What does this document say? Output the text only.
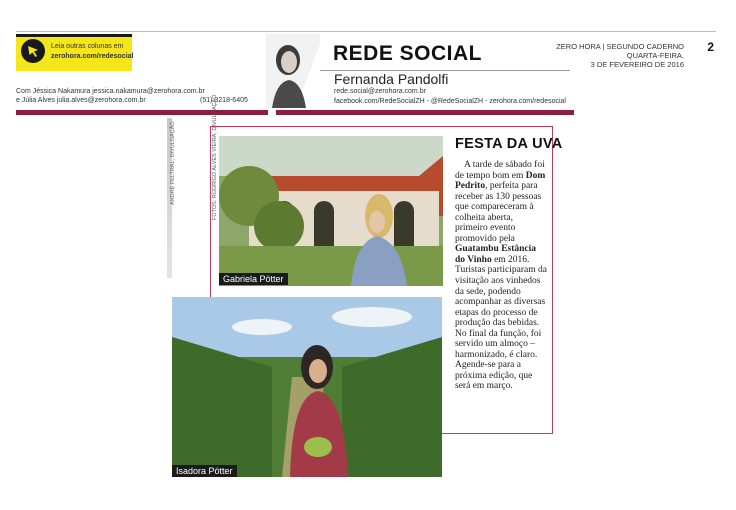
Leia outras colunas em
zerohora.com/redesocial	REDE SOCIAL
Fernanda Pandolfi
rede.social@zerohora.com.br
facebook.com/RedeSocialZH - @RedeSocialZH - zerohora.com/redesocial
ZERO HORA | SEGUNDO CADERNO
QUARTA-FEIRA,
3 DE FEVEREIRO DE 2016
2
Com Jéssica Nakamura jessica.nakamura@zerohora.com.br
e Júlia Alves julia.alves@zerohora.com.br	(51) 3218-6405
ANDRÉ FELTRAL, DIVULGAÇÃO	FOTOS: RODRIGO ALVES VIEIRA, DIVULGAÇÃO
Gabriela Pötter
Isadora Pötter
FESTA DA UVA
A tarde de sábado foi de tempo bom em Dom Pedrito, perfeita para receber as 130 pessoas que compareceram à colheita aberta, primeiro evento promovido pela Guatambu Estância do Vinho em 2016. Turistas participaram da visitação aos vinhedos da sede, podendo acompanhar as diversas etapas do processo de produção das bebidas. No final da função, foi servido um almoço – harmonizado, é claro. Agende-se para a próxima edição, que será em março.
